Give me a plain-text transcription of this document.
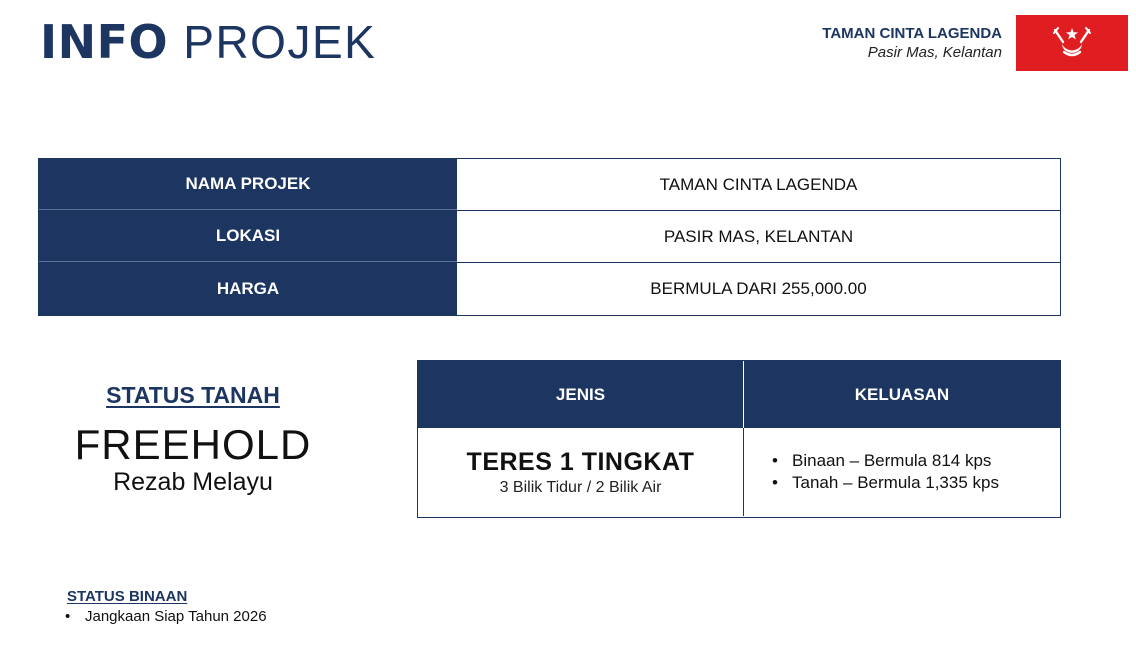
INFO PROJEK	TAMAN CINTA LAGENDA
Pasir Mas, Kelantan
NAMA PROJEK	TAMAN CINTA LAGENDA
LOKASI	PASIR MAS, KELANTAN
HARGA	BERMULA DARI 255,000.00
STATUS TANAH
FREEHOLD
Rezab Melayu
JENIS	KELUASAN
TERES 1 TINGKAT
3 Bilik Tidur / 2 Bilik Air
• Binaan – Bermula 814 kps
• Tanah – Bermula 1,335 kps
STATUS BINAAN
• Jangkaan Siap Tahun 2026
